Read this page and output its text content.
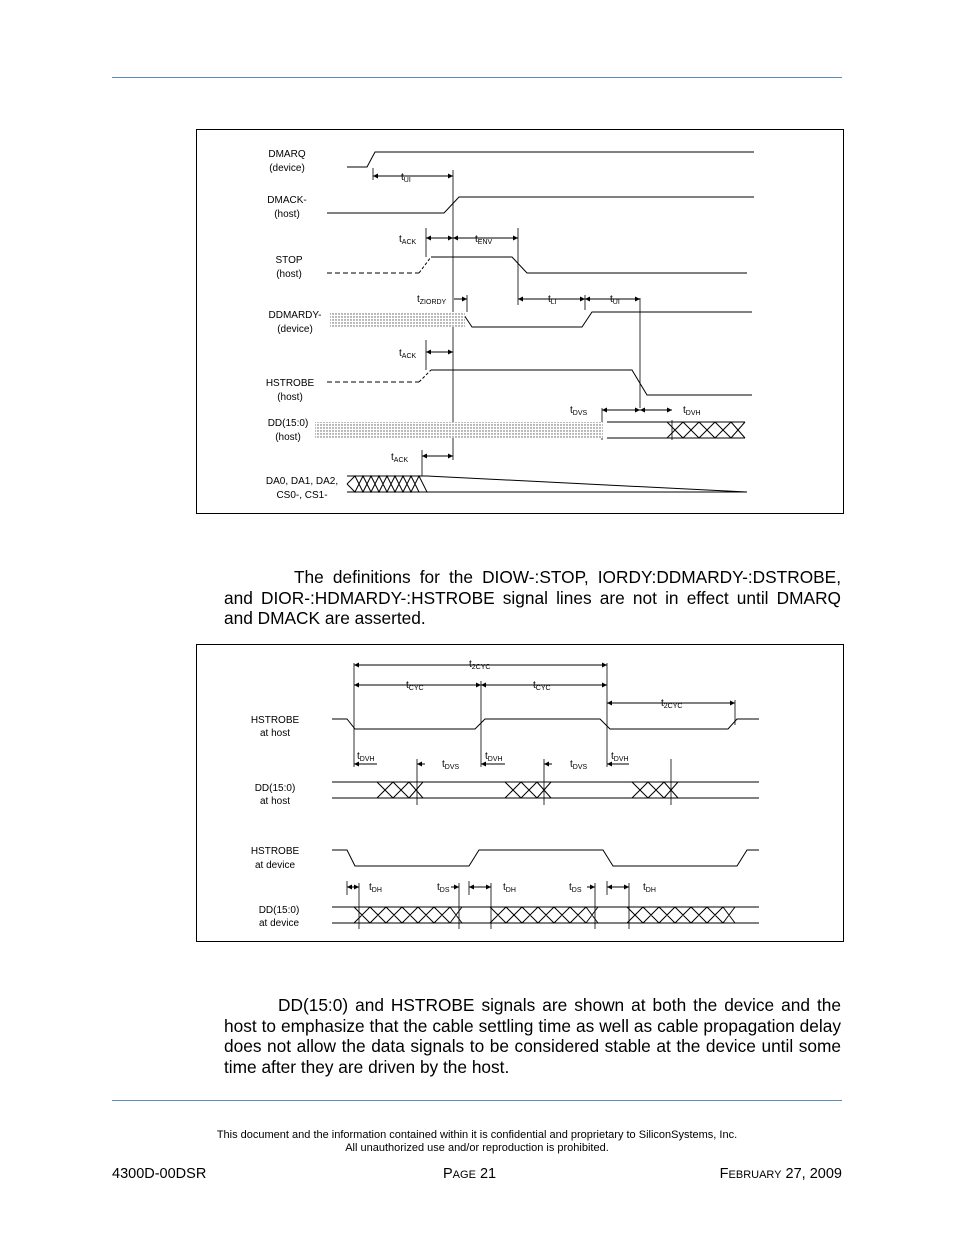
DMARQ
(device)
DMACK-
(host)
STOP
(host)
DDMARDY-
(device)
HSTROBE
(host)
DD(15:0)
(host)
DA0, DA1, DA2,
CS0-, CS1-
$t_{UI}$
$t_{ACK}$	$t_{ENV}$
$t_{ZIORDY}$	$t_{LI}$	$t_{UI}$
$t_{ACK}$
$t_{DVS}$	$t_{DVH}$
$t_{ACK}$

The definitions for the DIOW-:STOP, IORDY:DDMARDY-:DSTROBE, and DIOR-:HDMARDY-:HSTROBE signal lines are not in effect until DMARQ and DMACK are asserted.

HSTROBE
at host
DD(15:0)
at host
HSTROBE
at device
DD(15:0)
at device
$t_{2CYC}$
$t_{CYC}$	$t_{CYC}$
$t_{2CYC}$
$t_{DVH}$	$t_{DVS}$
$t_{DVH}$	$t_{DVS}$
$t_{DVH}$
$t_{DH}$	$t_{DS}$	$t_{DH}$	$t_{DS}$	$t_{DH}$

DD(15:0) and HSTROBE signals are shown at both the device and the host to emphasize that the cable settling time as well as cable propagation delay does not allow the data signals to be considered stable at the device until some time after they are driven by the host.

This document and the information contained within it is confidential and proprietary to SiliconSystems, Inc.
All unauthorized use and/or reproduction is prohibited.
4300D-00DSR	PAGE 21	FEBRUARY 27, 2009
